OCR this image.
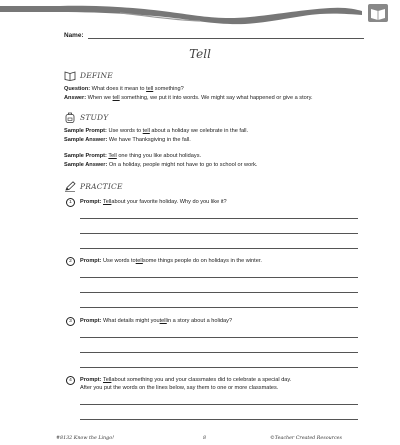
Name:
Tell
DEFINE
Question: What does it mean to tell something?
Answer: When we tell something, we put it into words. We might say what happened or give a story.
STUDY
Sample Prompt: Use words to tell about a holiday we celebrate in the fall.
Sample Answer: We have Thanksgiving in the fall.
Sample Prompt: Tell one thing you like about holidays.
Sample Answer: On a holiday, people might not have to go to school or work.
PRACTICE
1	Prompt:
Tell about your favorite holiday. Why do you like it?
2	Prompt:
Use words to tell some things people do on holidays in the winter.
3	Prompt:
What details might you tell in a story about a holiday?
4	Prompt:
Tell about something you and your classmates did to celebrate a special day.
After you put the words on the lines below, say them to one or more classmates.
#8132 Know the Lingo!	8	©Teacher Created Resources
